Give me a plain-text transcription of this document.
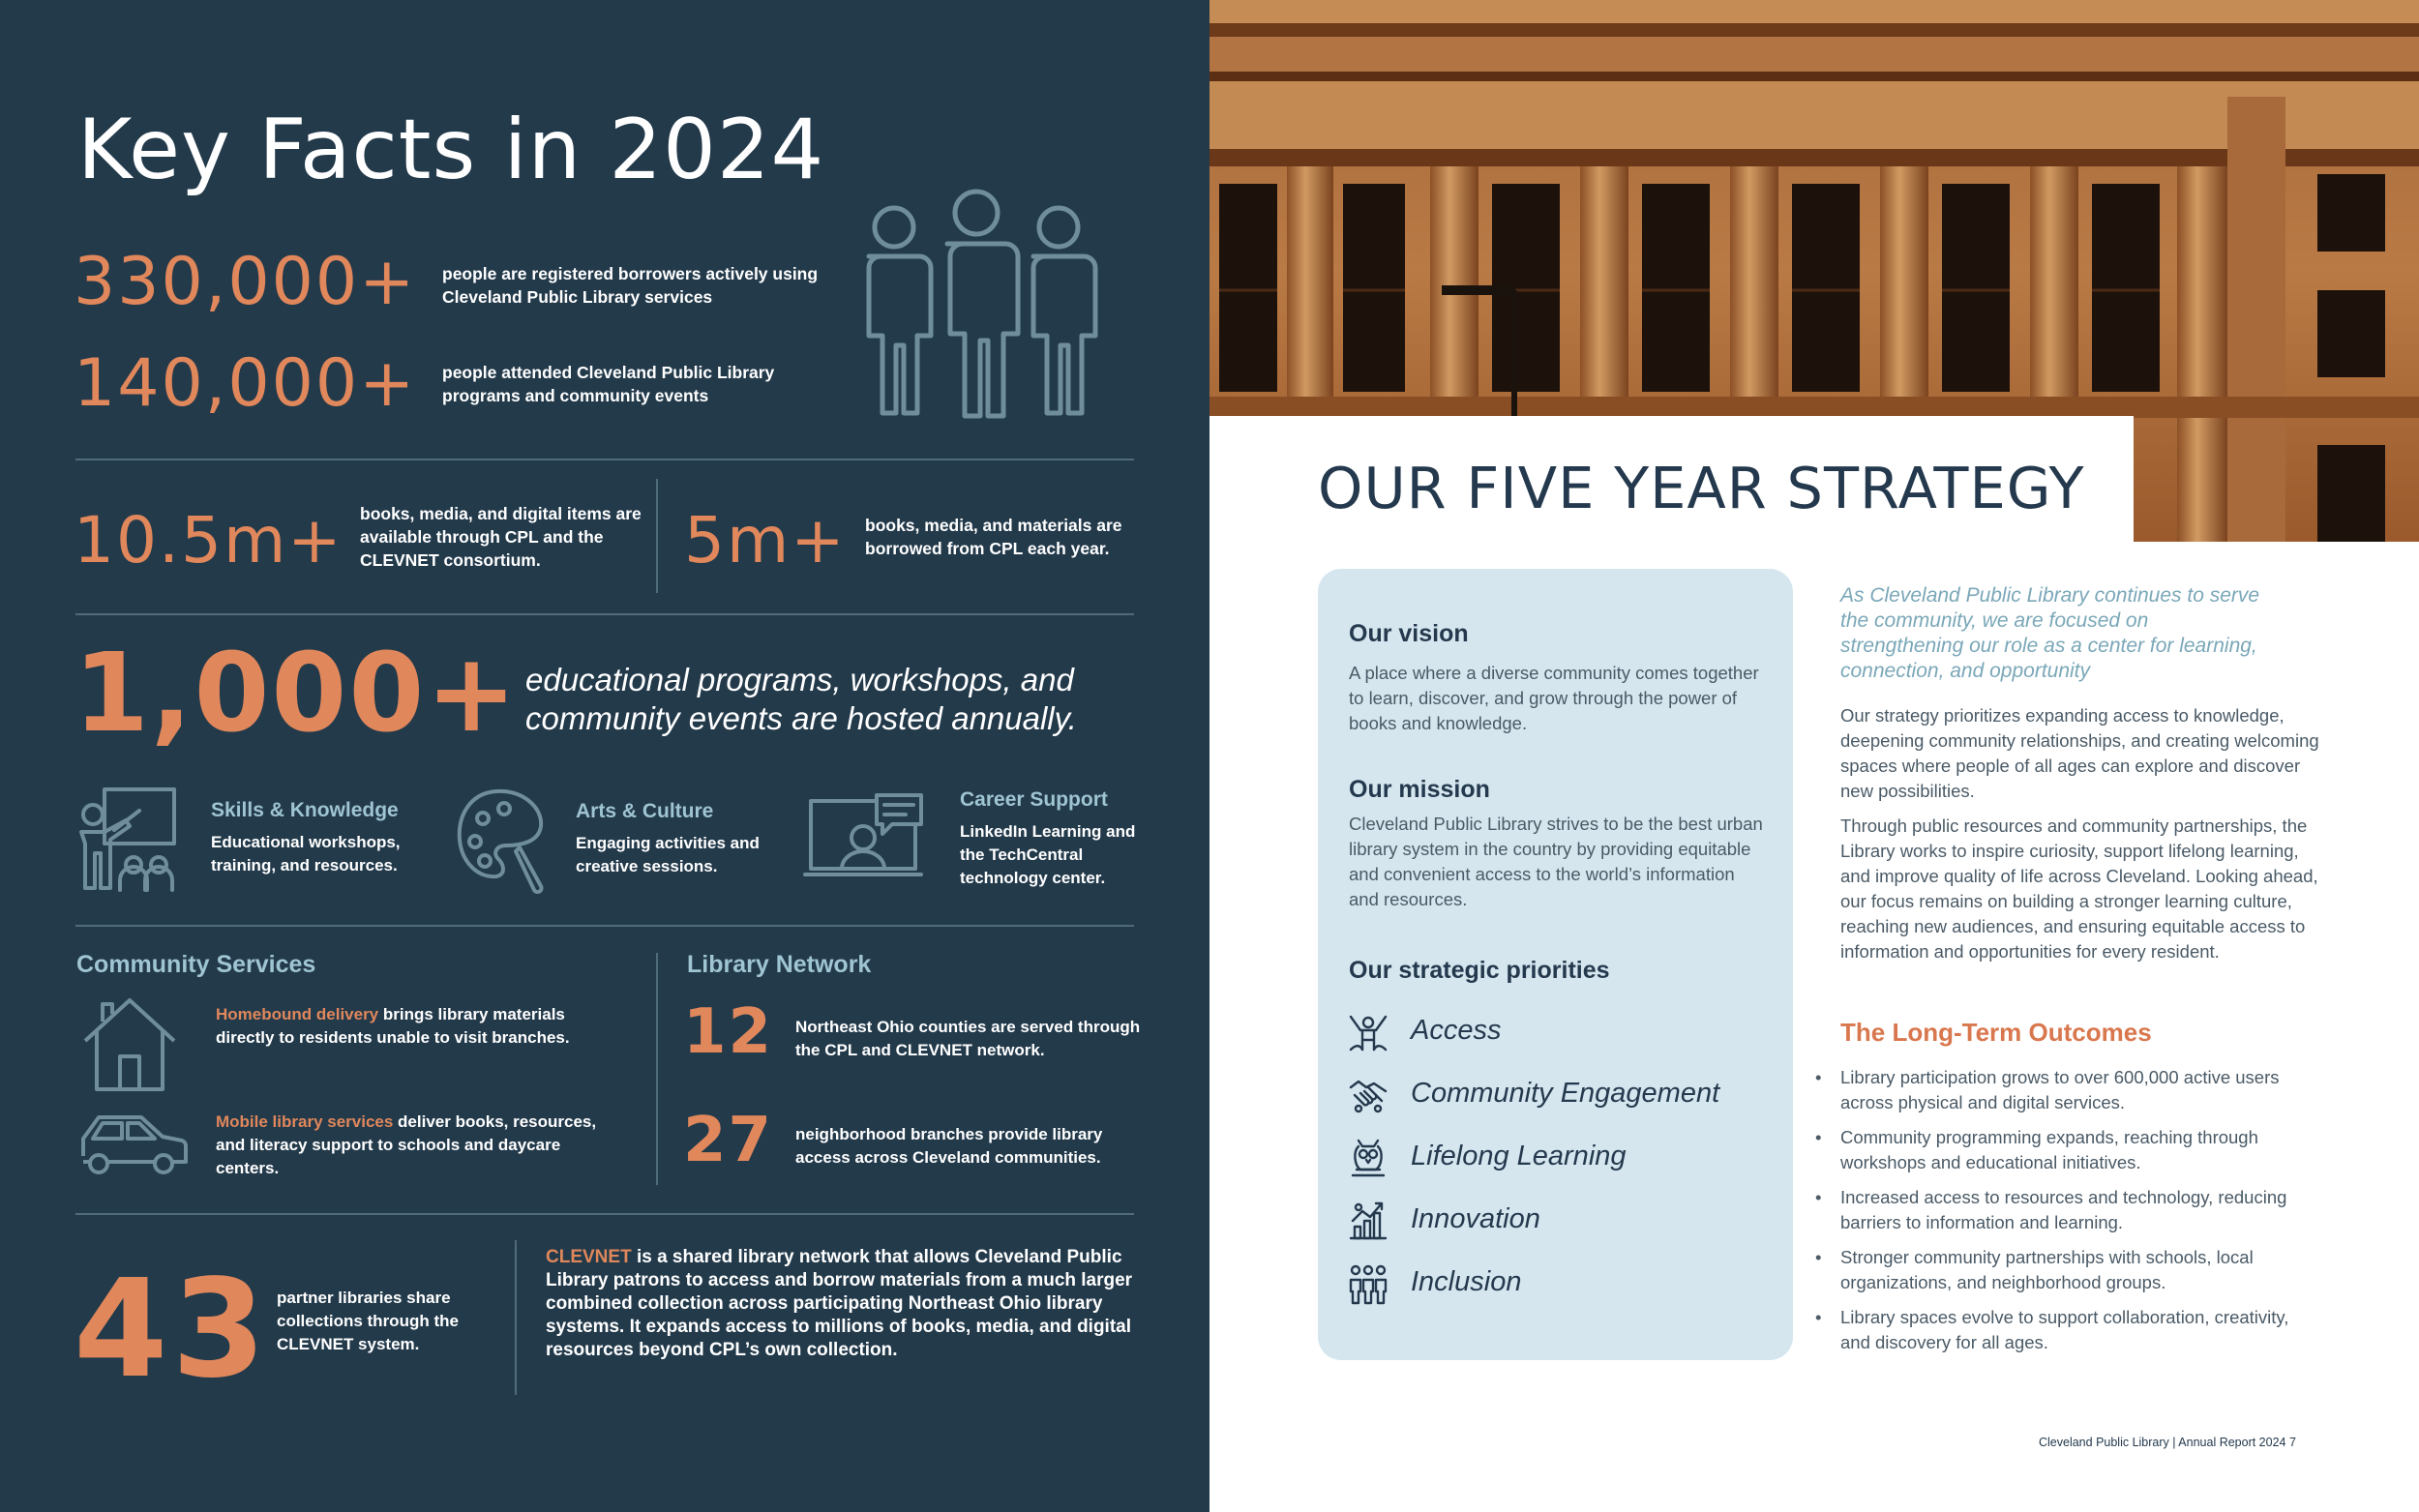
Key Facts in 2024
330,000+ people are registered borrowers actively using Cleveland Public Library services
140,000+ people attended Cleveland Public Library programs and community events
10.5m+ books, media, and digital items are available through CPL and the CLEVNET consortium.	5m+ books, media, and materials are borrowed from CPL each year.
1,000+ educational programs, workshops, and community events are hosted annually.
Skills & Knowledge
Educational workshops, training, and resources.
Arts & Culture
Engaging activities and creative sessions.
Career Support
LinkedIn Learning and the TechCentral technology center.
Community Services
Homebound delivery brings library materials directly to residents unable to visit branches.
Mobile library services deliver books, resources, and literacy support to schools and daycare centers.
Library Network
12 Northeast Ohio counties are served through the CPL and CLEVNET network.
27 neighborhood branches provide library access across Cleveland communities.
43 partner libraries share collections through the CLEVNET system.
CLEVNET is a shared library network that allows Cleveland Public Library patrons to access and borrow materials from a much larger combined collection across participating Northeast Ohio library systems. It expands access to millions of books, media, and digital resources beyond CPL’s own collection.
OUR FIVE YEAR STRATEGY
Our vision
A place where a diverse community comes together to learn, discover, and grow through the power of books and knowledge.
Our mission
Cleveland Public Library strives to be the best urban library system in the country by providing equitable and convenient access to the world’s information and resources.
Our strategic priorities
Access
Community Engagement
Lifelong Learning
Innovation
Inclusion
As Cleveland Public Library continues to serve the community, we are focused on strengthening our role as a center for learning, connection, and opportunity
Our strategy prioritizes expanding access to knowledge, deepening community relationships, and creating welcoming spaces where people of all ages can explore and discover new possibilities.
Through public resources and community partnerships, the Library works to inspire curiosity, support lifelong learning, and improve quality of life across Cleveland. Looking ahead, our focus remains on building a stronger learning culture, reaching new audiences, and ensuring equitable access to information and opportunities for every resident.
The Long-Term Outcomes
• Library participation grows to over 600,000 active users across physical and digital services.
• Community programming expands, reaching through workshops and educational initiatives.
• Increased access to resources and technology, reducing barriers to information and learning.
• Stronger community partnerships with schools, local organizations, and neighborhood groups.
• Library spaces evolve to support collaboration, creativity, and discovery for all ages.
Cleveland Public Library | Annual Report 2024 7
